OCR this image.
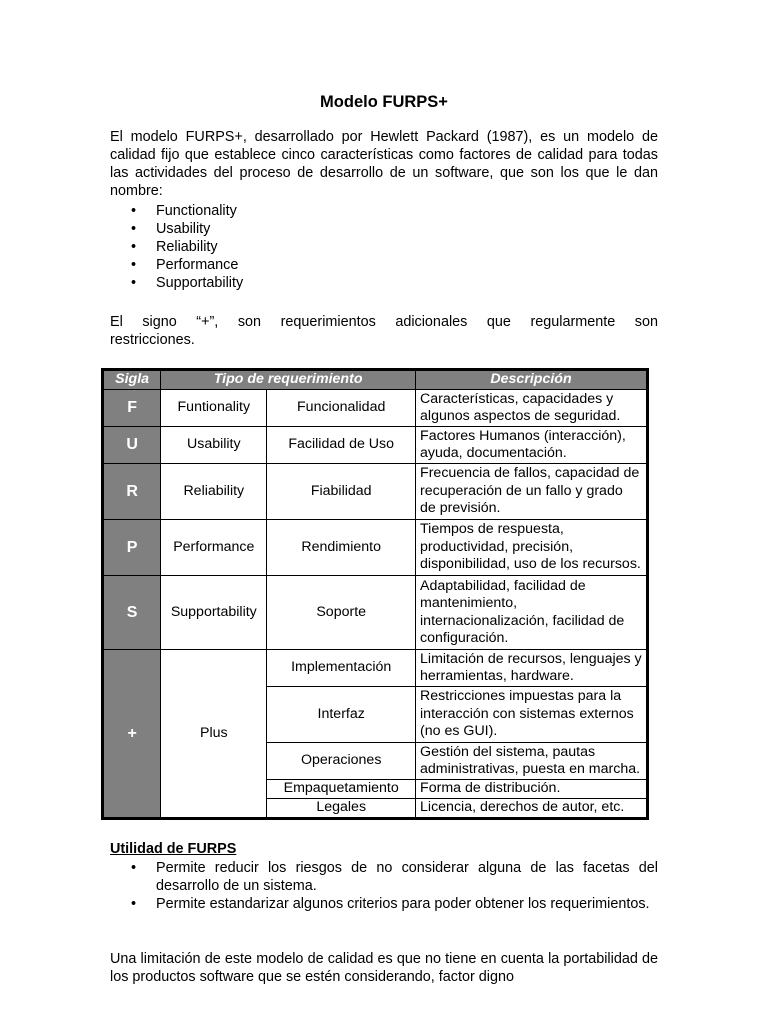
Modelo FURPS+

El modelo FURPS+, desarrollado por Hewlett Packard (1987), es un modelo de calidad fijo que establece cinco características como factores de calidad para todas las actividades del proceso de desarrollo de un software, que son los que le dan nombre:

• Functionality
• Usability
• Reliability
• Performance
• Supportability

El signo “+”, son requerimientos adicionales que regularmente son
restricciones.

Sigla	Tipo de requerimiento		Descripción
F	Funtionality	Funcionalidad	Características, capacidades y algunos aspectos de seguridad.
U	Usability	Facilidad de Uso	Factores Humanos (interacción), ayuda, documentación.
R	Reliability	Fiabilidad	Frecuencia de fallos, capacidad de recuperación de un fallo y grado de previsión.
P	Performance	Rendimiento	Tiempos de respuesta, productividad, precisión, disponibilidad, uso de los recursos.
S	Supportability	Soporte	Adaptabilidad, facilidad de mantenimiento, internacionalización, facilidad de configuración.
+	Plus	Implementación	Limitación de recursos, lenguajes y herramientas, hardware.
		Interfaz	Restricciones impuestas para la interacción con sistemas externos (no es GUI).
		Operaciones	Gestión del sistema, pautas administrativas, puesta en marcha.
		Empaquetamiento	Forma de distribución.
		Legales	Licencia, derechos de autor, etc.

Utilidad de FURPS

• Permite reducir los riesgos de no considerar alguna de las facetas del desarrollo de un sistema.
• Permite estandarizar algunos criterios para poder obtener los requerimientos.

Una limitación de este modelo de calidad es que no tiene en cuenta la portabilidad de los productos software que se estén considerando, factor digno
